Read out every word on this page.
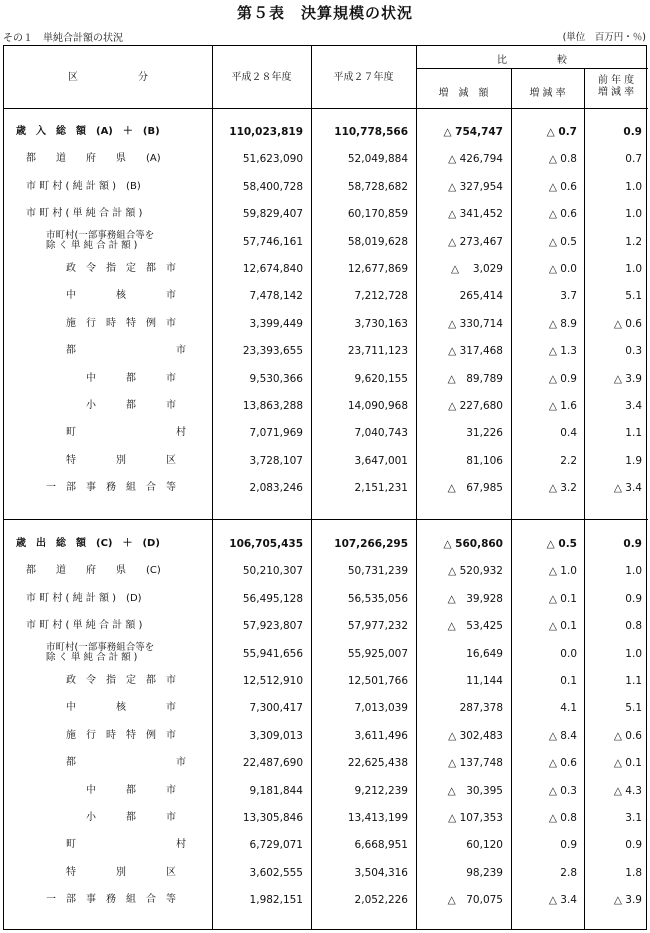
第５表　決算規模の状況
その１　単純合計額の状況	(単位　百万円・％)
区　　　　　　分	平成２８年度	平成２７年度
比　　　　　較
増　減　額	増 減 率
前 年 度
増 減 率
歳　入　総　額　(A)　＋　(B)	110,023,819	110,778,566	△ 754,747	△ 0.7	0.9
都　　道　　府　　県　　(A)	51,623,090	52,049,884	△ 426,794	△ 0.8	0.7
市 町 村 ( 純 計 額 )　(B)	58,400,728	58,728,682	△ 327,954	△ 0.6	1.0
市 町 村 ( 単 純 合 計 額 )	59,829,407	60,170,859	△ 341,452	△ 0.6	1.0
市町村(一部事務組合等を
除 く 単 純 合 計 額 )	57,746,161	58,019,628	△ 273,467	△ 0.5	1.2
政　令　指　定　都　市	12,674,840	12,677,869	△　 3,029	△ 0.0	1.0
中　　　　核　　　　市	7,478,142	7,212,728	265,414	3.7	5.1
施　行　時　特　例　市	3,399,449	3,730,163	△ 330,714	△ 8.9	△ 0.6
都　　　　　　　　　　市	23,393,655	23,711,123	△ 317,468	△ 1.3	0.3
中　　　都　　　市	9,530,366	9,620,155	△　89,789	△ 0.9	△ 3.9
小　　　都　　　市	13,863,288	14,090,968	△ 227,680	△ 1.6	3.4
町　　　　　　　　　　村	7,071,969	7,040,743	31,226	0.4	1.1
特　　　　別　　　　区	3,728,107	3,647,001	81,106	2.2	1.9
一　部　事　務　組　合　等	2,083,246	2,151,231	△　67,985	△ 3.2	△ 3.4
歳　出　総　額　(C)　＋　(D)	106,705,435	107,266,295	△ 560,860	△ 0.5	0.9
都　　道　　府　　県　　(C)	50,210,307	50,731,239	△ 520,932	△ 1.0	1.0
市 町 村 ( 純 計 額 )　(D)	56,495,128	56,535,056	△　39,928	△ 0.1	0.9
市 町 村 ( 単 純 合 計 額 )	57,923,807	57,977,232	△　53,425	△ 0.1	0.8
市町村(一部事務組合等を
除 く 単 純 合 計 額 )	55,941,656	55,925,007	16,649	0.0	1.0
政　令　指　定　都　市	12,512,910	12,501,766	11,144	0.1	1.1
中　　　　核　　　　市	7,300,417	7,013,039	287,378	4.1	5.1
施　行　時　特　例　市	3,309,013	3,611,496	△ 302,483	△ 8.4	△ 0.6
都　　　　　　　　　　市	22,487,690	22,625,438	△ 137,748	△ 0.6	△ 0.1
中　　　都　　　市	9,181,844	9,212,239	△　30,395	△ 0.3	△ 4.3
小　　　都　　　市	13,305,846	13,413,199	△ 107,353	△ 0.8	3.1
町　　　　　　　　　　村	6,729,071	6,668,951	60,120	0.9	0.9
特　　　　別　　　　区	3,602,555	3,504,316	98,239	2.8	1.8
一　部　事　務　組　合　等	1,982,151	2,052,226	△　70,075	△ 3.4	△ 3.9
